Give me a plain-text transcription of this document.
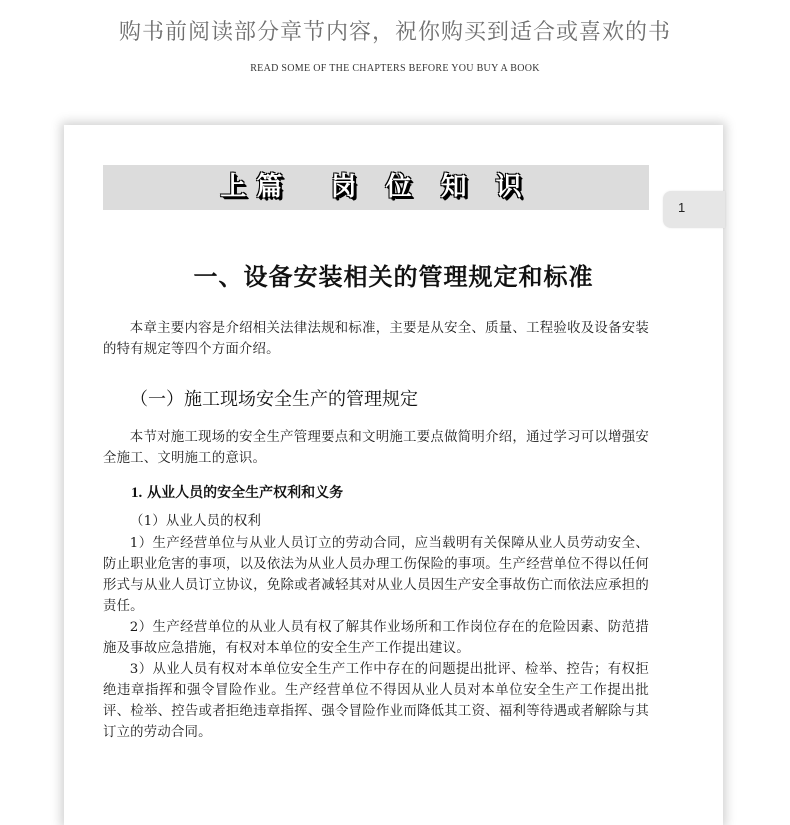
购书前阅读部分章节内容，祝你购买到适合或喜欢的书
READ SOME OF THE CHAPTERS BEFORE YOU BUY A BOOK
上篇  岗 位 知 识
一、设备安装相关的管理规定和标准

本章主要内容是介绍相关法律法规和标准，主要是从安全、质量、工程验收及设备安装的特有规定等四个方面介绍。

（一）施工现场安全生产的管理规定

本节对施工现场的安全生产管理要点和文明施工要点做简明介绍，通过学习可以增强安全施工、文明施工的意识。

1. 从业人员的安全生产权利和义务

（1）从业人员的权利

1）生产经营单位与从业人员订立的劳动合同，应当载明有关保障从业人员劳动安全、防止职业危害的事项，以及依法为从业人员办理工伤保险的事项。生产经营单位不得以任何形式与从业人员订立协议，免除或者减轻其对从业人员因生产安全事故伤亡而依法应承担的责任。

2）生产经营单位的从业人员有权了解其作业场所和工作岗位存在的危险因素、防范措施及事故应急措施，有权对本单位的安全生产工作提出建议。

3）从业人员有权对本单位安全生产工作中存在的问题提出批评、检举、控告；有权拒绝违章指挥和强令冒险作业。生产经营单位不得因从业人员对本单位安全生产工作提出批评、检举、控告或者拒绝违章指挥、强令冒险作业而降低其工资、福利等待遇或者解除与其订立的劳动合同。

1
